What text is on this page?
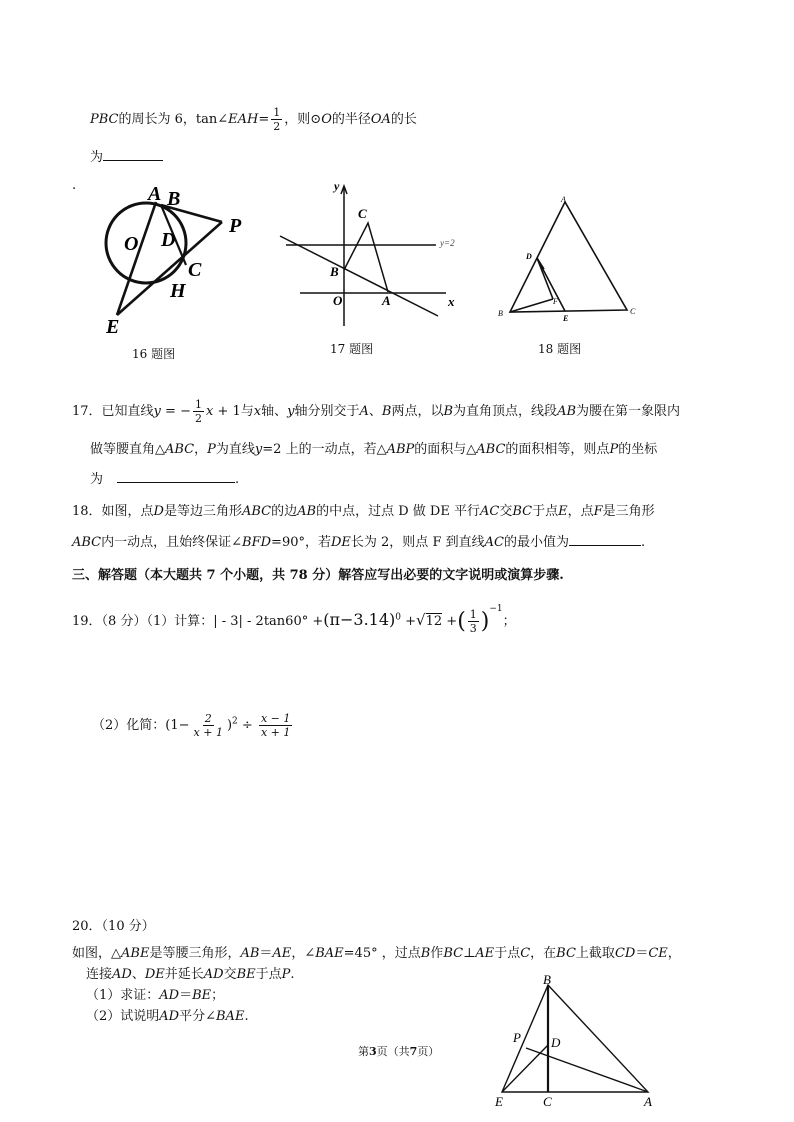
PBC的周长为 6，tan∠EAH= $\frac{1}{2}$ ，则⊙O的半径OA的长
为
.	A B
O D
P
C
H
E
16 题图
y
C
y=2
B
O	A	x
17 题图
A
D
F
B
E
C
18 题图
17．已知直线y = − $\frac{1}{2}$ x + 1与x轴、y轴分别交于A、B两点，以B为直角顶点，线段AB为腰在第一象限内
做等腰直角△ABC，P为直线y=2 上的一动点，若△ABP的面积与△ABC的面积相等，则点P的坐标
为	.
18．如图，点D是等边三角形ABC的边AB的中点，过点 D 做 DE 平行AC交BC于点E，点F是三角形
ABC内一动点，且始终保证∠BFD=90°，若DE长为 2，则点 F 到直线AC的最小值为	.
三、解答题（本大题共 7 个小题，共 78 分）解答应写出必要的文字说明或演算步骤.
19．（8 分）（1）计算：| - $3| - 2\tan 60^\circ +(\pi-3.14)^0 +√12$ +( $\frac{1}{3} )^{-1}$；
（2）化简：$(1- \frac{2}{x + 1} )^2 \div \frac{x - 1}{x + 1}$
20．（10 分）
如图，△ABE是等腰三角形，AB＝AE，∠BAE=45° ，过点B作BC⊥AE于点C，在BC上截取CD＝CE，
连接AD、DE并延长AD交BE于点P.
（1）求证：AD＝BE；
（2）试说明AD平分∠BAE.
第3页（共7页）
B
P D
E	C	A
